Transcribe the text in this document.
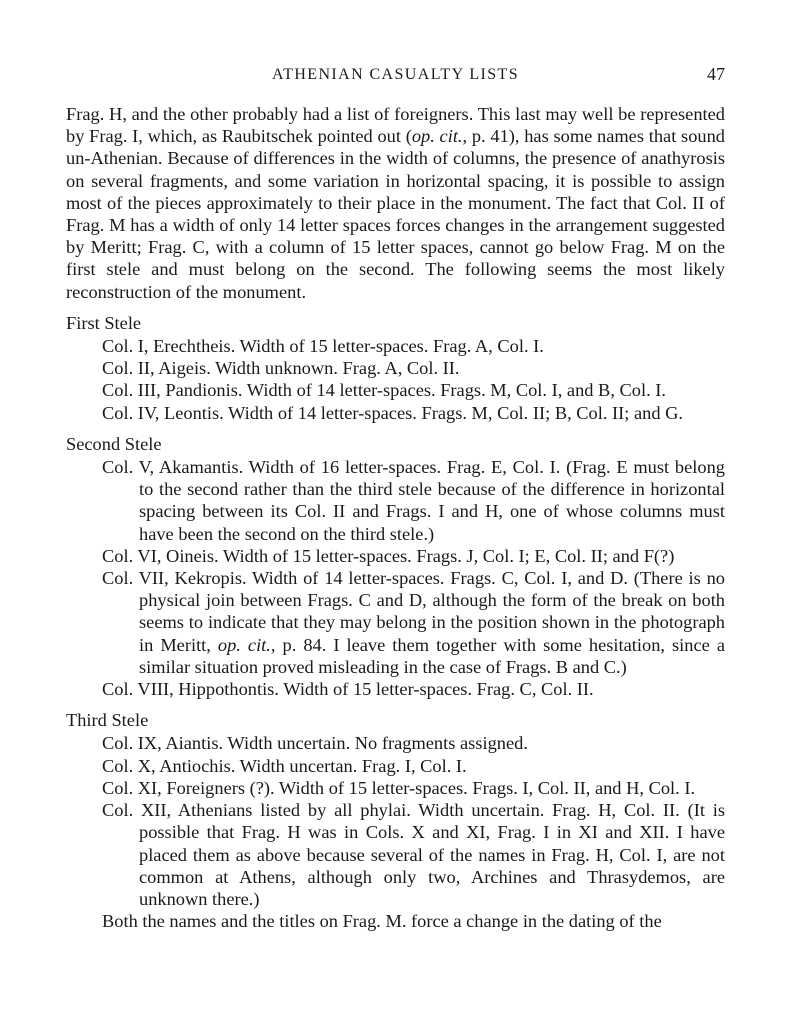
ATHENIAN CASUALTY LISTS	47

Frag. H, and the other probably had a list of foreigners. This last may well be represented by Frag. I, which, as Raubitschek pointed out (op. cit., p. 41), has some names that sound un-Athenian. Because of differences in the width of columns, the presence of anathyrosis on several fragments, and some variation in horizontal spacing, it is possible to assign most of the pieces approximately to their place in the monument. The fact that Col. II of Frag. M has a width of only 14 letter spaces forces changes in the arrangement suggested by Meritt; Frag. C, with a column of 15 letter spaces, cannot go below Frag. M on the first stele and must belong on the second. The following seems the most likely reconstruction of the monument.

First Stele

Col. I, Erechtheis. Width of 15 letter-spaces. Frag. A, Col. I.
Col. II, Aigeis. Width unknown. Frag. A, Col. II.
Col. III, Pandionis. Width of 14 letter-spaces. Frags. M, Col. I, and B, Col. I.
Col. IV, Leontis. Width of 14 letter-spaces. Frags. M, Col. II; B, Col. II; and G.

Second Stele

Col. V, Akamantis. Width of 16 letter-spaces. Frag. E, Col. I. (Frag. E must belong to the second rather than the third stele because of the difference in horizontal spacing between its Col. II and Frags. I and H, one of whose columns must have been the second on the third stele.)
Col. VI, Oineis. Width of 15 letter-spaces. Frags. J, Col. I; E, Col. II; and F(?)
Col. VII, Kekropis. Width of 14 letter-spaces. Frags. C, Col. I, and D. (There is no physical join between Frags. C and D, although the form of the break on both seems to indicate that they may belong in the position shown in the photograph in Meritt, op. cit., p. 84. I leave them together with some hesitation, since a similar situation proved misleading in the case of Frags. B and C.)
Col. VIII, Hippothontis. Width of 15 letter-spaces. Frag. C, Col. II.

Third Stele

Col. IX, Aiantis. Width uncertain. No fragments assigned.
Col. X, Antiochis. Width uncertan. Frag. I, Col. I.
Col. XI, Foreigners (?). Width of 15 letter-spaces. Frags. I, Col. II, and H, Col. I.
Col. XII, Athenians listed by all phylai. Width uncertain. Frag. H, Col. II. (It is possible that Frag. H was in Cols. X and XI, Frag. I in XI and XII. I have placed them as above because several of the names in Frag. H, Col. I, are not common at Athens, although only two, Archines and Thrasydemos, are unknown there.)

Both the names and the titles on Frag. M. force a change in the dating of the
